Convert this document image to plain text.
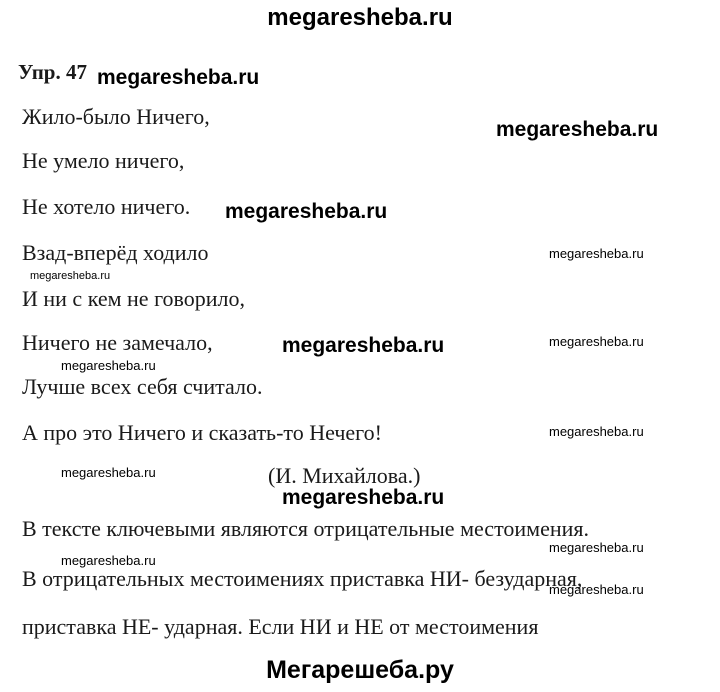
megaresheba.ru
Упр. 47
Жило-было Ничего,
Не умело ничего,
Не хотело ничего.
Взад-вперёд ходило
И ни с кем не говорило,
Ничего не замечало,
Лучше всех себя считало.
А про это Ничего и сказать-то Нечего!
(И. Михайлова.)
В тексте ключевыми являются отрицательные местоимения.
В отрицательных местоимениях приставка НИ- безударная,
приставка НЕ- ударная. Если НИ и НЕ от местоимения
megaresheba.ru
megaresheba.ru
megaresheba.ru
megaresheba.ru
megaresheba.ru
megaresheba.ru
megaresheba.ru
megaresheba.ru
megaresheba.ru
megaresheba.ru
megaresheba.ru
megaresheba.ru
megaresheba.ru
megaresheba.ru
Мегарешеба.ру
